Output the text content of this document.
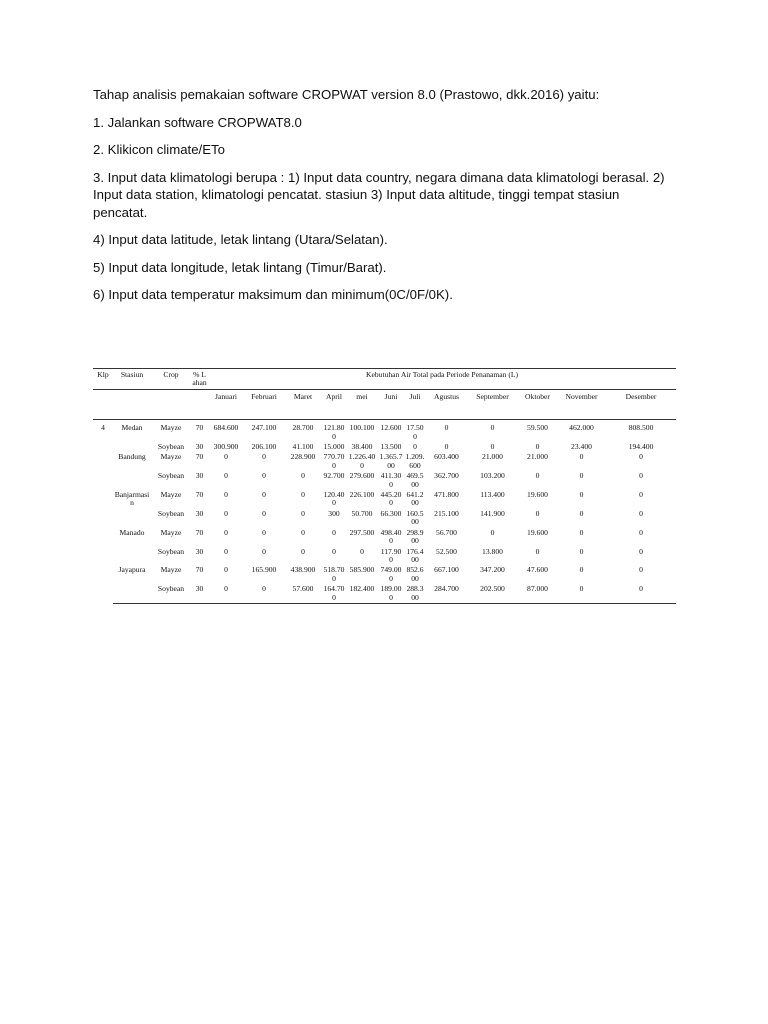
Tahap analisis pemakaian software CROPWAT version 8.0 (Prastowo, dkk.2016) yaitu:

1. Jalankan software CROPWAT8.0

2. Klikicon climate/ETo

3. Input data klimatologi berupa : 1) Input data country, negara dimana data klimatologi berasal. 2) Input data station, klimatologi pencatat. stasiun 3) Input data altitude, tinggi tempat stasiun pencatat.

4) Input data latitude, letak lintang (Utara/Selatan).

5) Input data longitude, letak lintang (Timur/Barat).

6) Input data temperatur maksimum dan minimum(0C/0F/0K).

Klp	Stasiun	Crop	% Lahan	Kebutuhan Air Total pada Periode Penanaman (L)											
				Januari	Februari	Maret	April	mei	Juni	Juli	Agustus	September	Oktober	November	Desember
4	Medan	Mayze	70	684.600	247.100	28.700	121.800	100.100	12.600	17.500	0	0	59.500	462.000	808.500
		Soybean	30	300.900	206.100	41.100	15.000	38.400	13.500	0	0	0	0	23.400	194.400
	Bandung	Mayze	70	0	0	228.900	770.700	1.226.400	1.365.700	1.209.600	603.400	21.000	21.000	0	0
		Soybean	30	0	0	0	92.700	279.600	411.300	469.500	362.700	103.200	0	0	0
	Banjarmasin	Mayze	70	0	0	0	120.400	226.100	445.200	641.200	471.800	113.400	19.600	0	0
		Soybean	30	0	0	0	300	50.700	66.300	160.500	215.100	141.900	0	0	0
	Manado	Mayze	70	0	0	0	0	297.500	498.400	298.900	56.700	0	19.600	0	0
		Soybean	30	0	0	0	0	0	117.900	176.400	52.500	13.800	0	0	0
	Jayapura	Mayze	70	0	165.900	438.900	518.700	585.900	749.000	852.600	667.100	347.200	47.600	0	0
		Soybean	30	0	0	57.600	164.700	182.400	189.000	288.300	284.700	202.500	87.000	0	0
